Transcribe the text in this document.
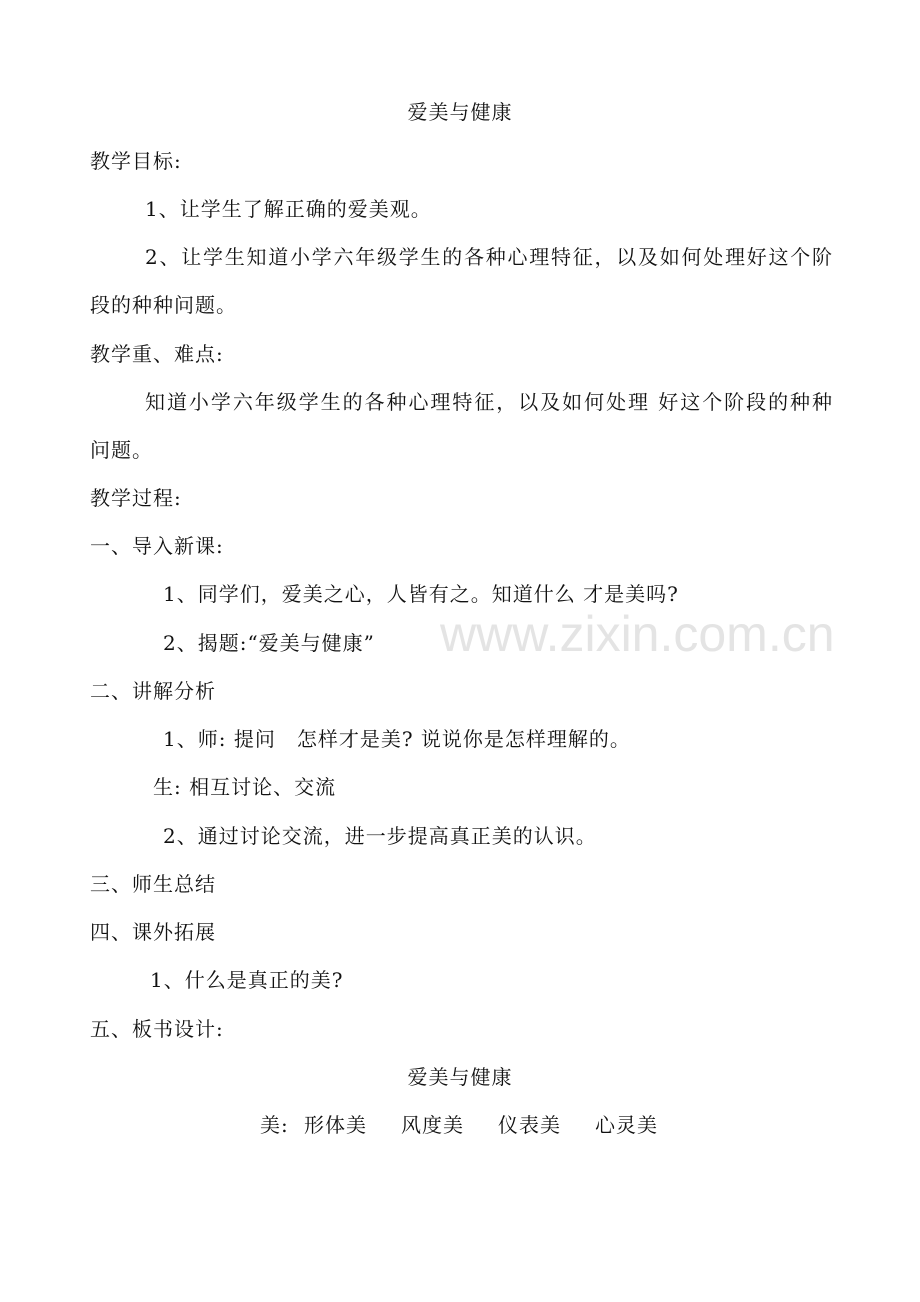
www.zixin.com.cn
爱美与健康
教学目标:
1、让学生了解正确的爱美观。
2、让学生知道小学六年级学生的各种心理特征，以及如何处理好这个阶
段的种种问题。
教学重、难点:
知道小学六年级学生的各种心理特征，以及如何处理 好这个阶段的种种
问题。
教学过程:
一、导入新课:
1、同学们，爱美之心，人皆有之。知道什么 才是美吗?
2、揭题:“爱美与健康”
二、讲解分析
1、师: 提问　怎样才是美? 说说你是怎样理解的。
生: 相互讨论、交流
2、通过讨论交流，进一步提高真正美的认识。
三、师生总结
四、课外拓展
1、什么是真正的美?
五、板书设计:
爱美与健康
美: 形体美 风度美 仪表美 心灵美
